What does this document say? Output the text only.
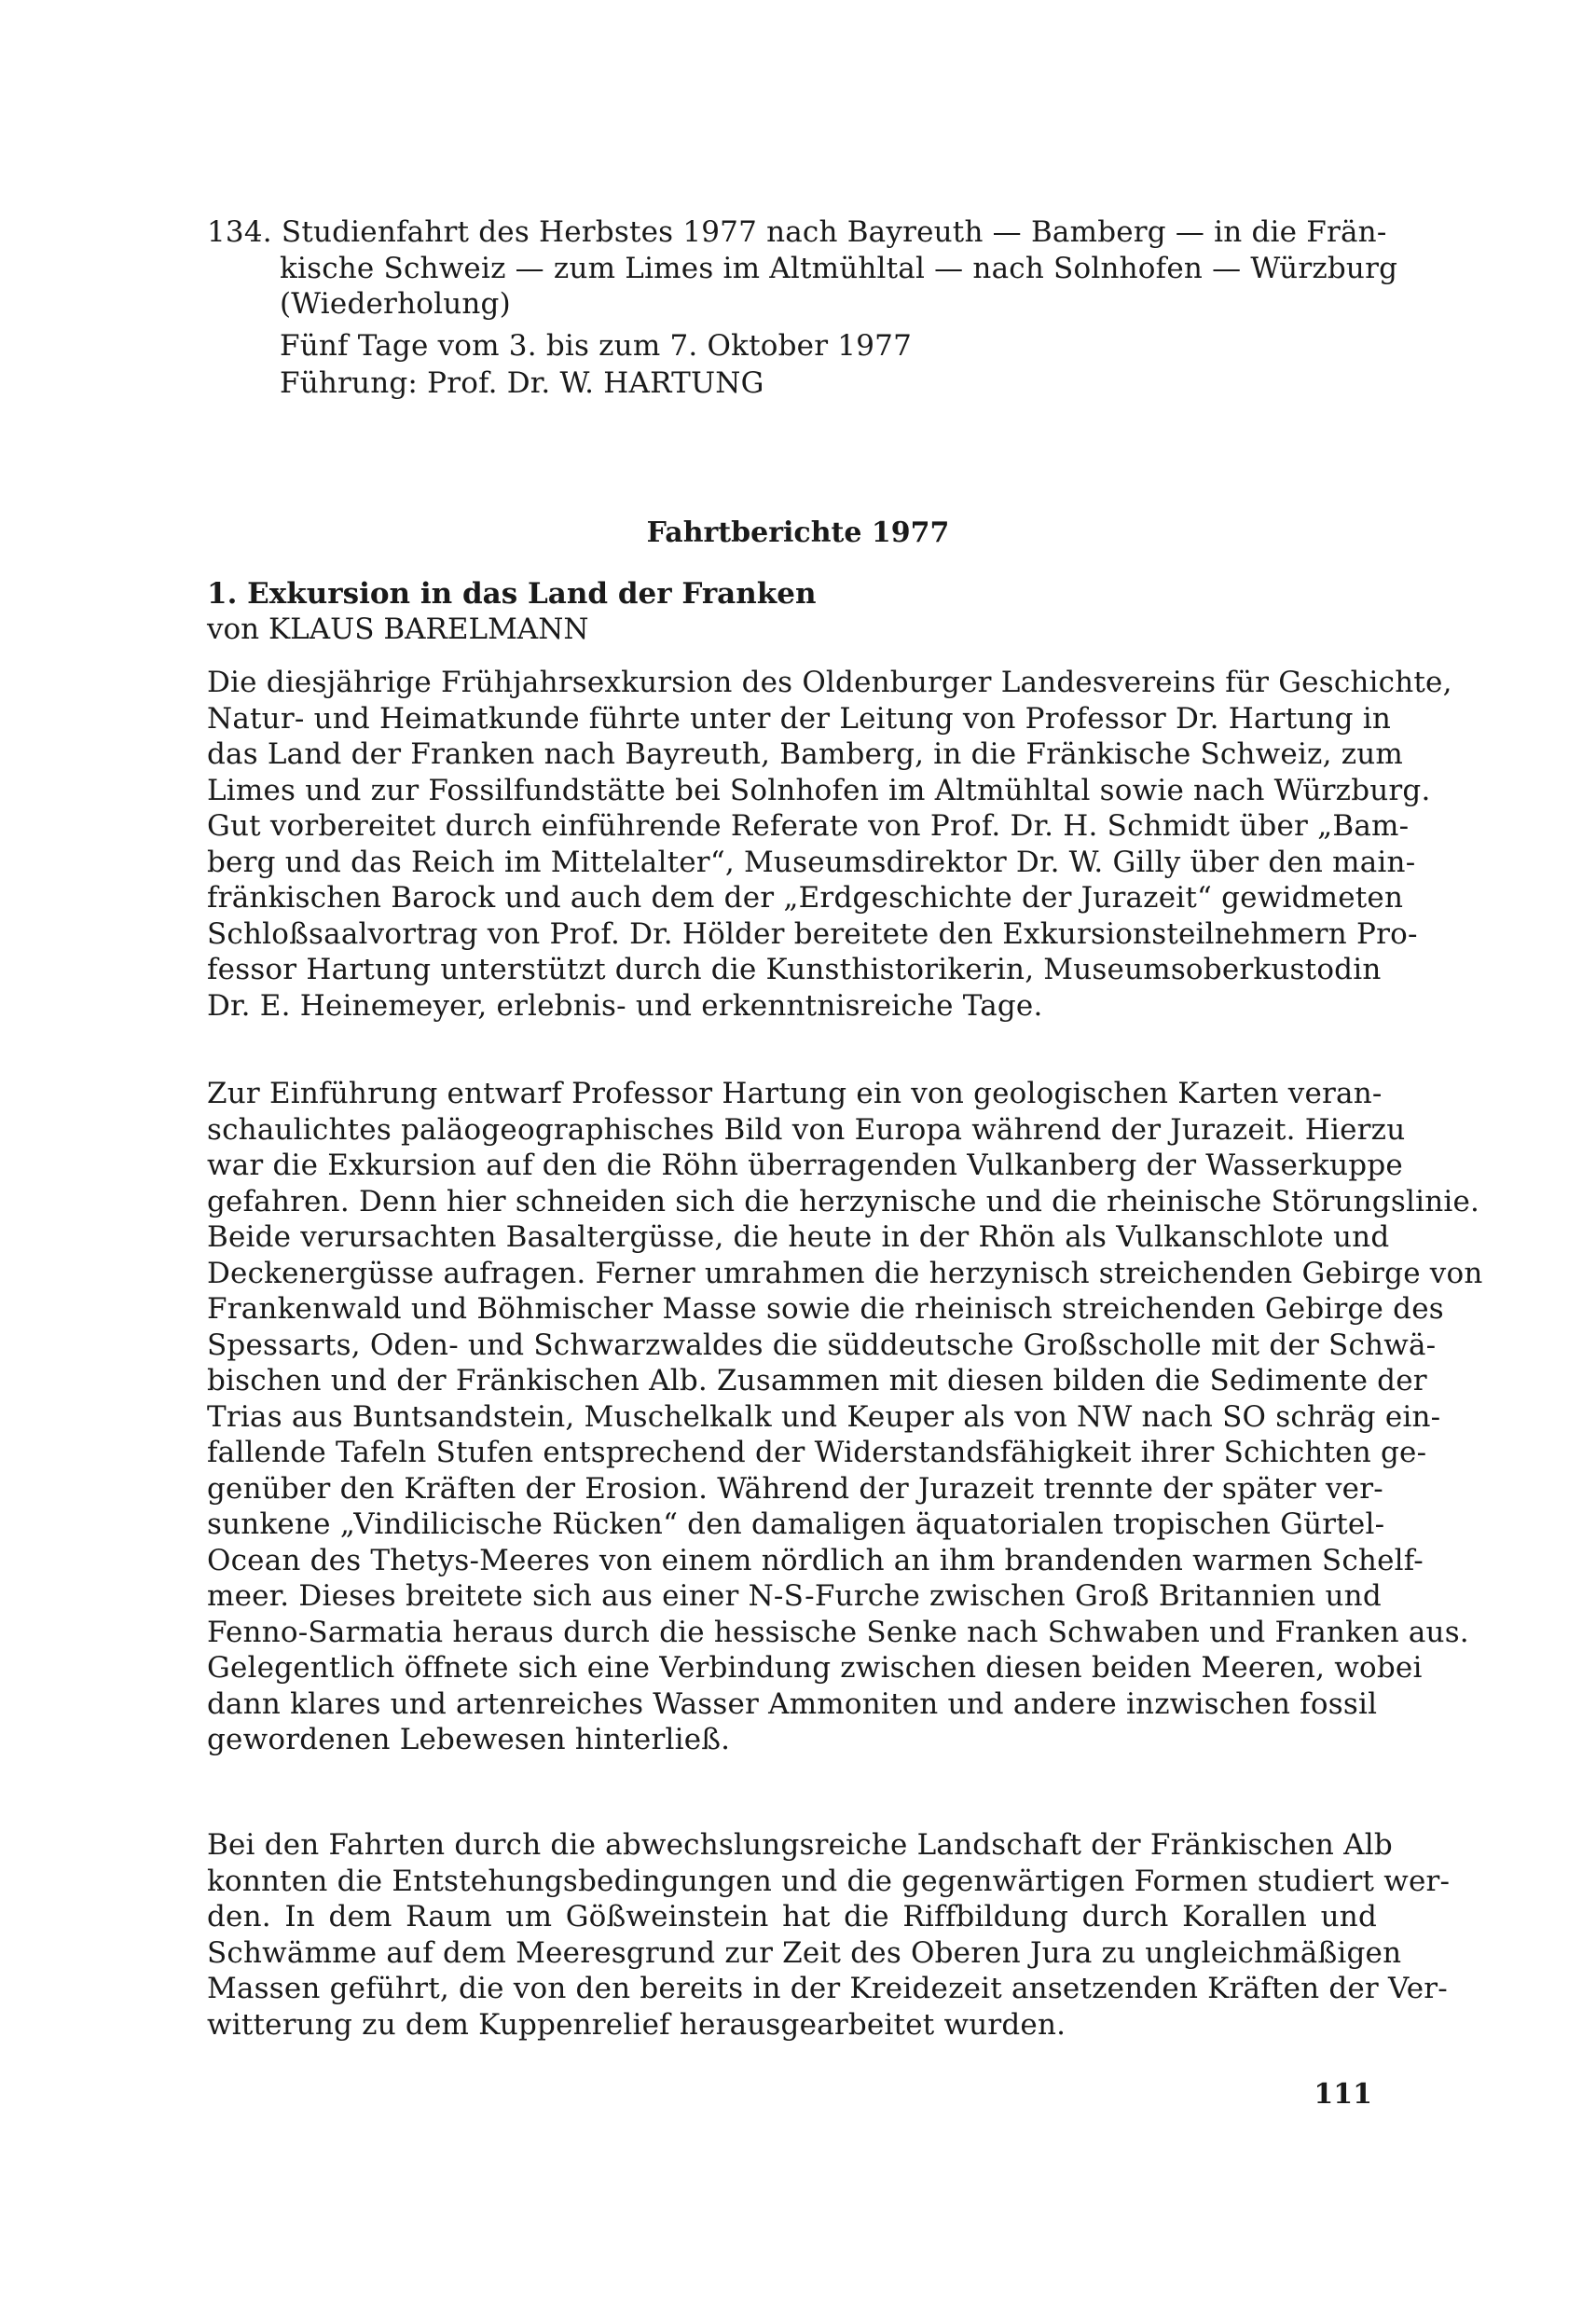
134. Studienfahrt des Herbstes 1977 nach Bayreuth — Bamberg — in die Frän-
kische Schweiz — zum Limes im Altmühltal — nach Solnhofen — Würzburg
(Wiederholung)
Fünf Tage vom 3. bis zum 7. Oktober 1977
Führung: Prof. Dr. W. HARTUNG
Fahrtberichte 1977
1. Exkursion in das Land der Franken
von KLAUS BARELMANN
Die diesjährige Frühjahrsexkursion des Oldenburger Landesvereins für Geschichte,
Natur- und Heimatkunde führte unter der Leitung von Professor Dr. Hartung in
das Land der Franken nach Bayreuth, Bamberg, in die Fränkische Schweiz, zum
Limes und zur Fossilfundstätte bei Solnhofen im Altmühltal sowie nach Würzburg.
Gut vorbereitet durch einführende Referate von Prof. Dr. H. Schmidt über „Bam-
berg und das Reich im Mittelalter“, Museumsdirektor Dr. W. Gilly über den main-
fränkischen Barock und auch dem der „Erdgeschichte der Jurazeit“ gewidmeten
Schloßsaalvortrag von Prof. Dr. Hölder bereitete den Exkursionsteilnehmern Pro-
fessor Hartung unterstützt durch die Kunsthistorikerin, Museumsoberkustodin
Dr. E. Heinemeyer, erlebnis- und erkenntnisreiche Tage.
Zur Einführung entwarf Professor Hartung ein von geologischen Karten veran-
schaulichtes paläogeographisches Bild von Europa während der Jurazeit. Hierzu
war die Exkursion auf den die Röhn überragenden Vulkanberg der Wasserkuppe
gefahren. Denn hier schneiden sich die herzynische und die rheinische Störungslinie.
Beide verursachten Basaltergüsse, die heute in der Rhön als Vulkanschlote und
Deckenergüsse aufragen. Ferner umrahmen die herzynisch streichenden Gebirge von
Frankenwald und Böhmischer Masse sowie die rheinisch streichenden Gebirge des
Spessarts, Oden- und Schwarzwaldes die süddeutsche Großscholle mit der Schwä-
bischen und der Fränkischen Alb. Zusammen mit diesen bilden die Sedimente der
Trias aus Buntsandstein, Muschelkalk und Keuper als von NW nach SO schräg ein-
fallende Tafeln Stufen entsprechend der Widerstandsfähigkeit ihrer Schichten ge-
genüber den Kräften der Erosion. Während der Jurazeit trennte der später ver-
sunkene „Vindilicische Rücken“ den damaligen äquatorialen tropischen Gürtel-
Ocean des Thetys-Meeres von einem nördlich an ihm brandenden warmen Schelf-
meer. Dieses breitete sich aus einer N-S-Furche zwischen Groß Britannien und
Fenno-Sarmatia heraus durch die hessische Senke nach Schwaben und Franken aus.
Gelegentlich öffnete sich eine Verbindung zwischen diesen beiden Meeren, wobei
dann klares und artenreiches Wasser Ammoniten und andere inzwischen fossil
gewordenen Lebewesen hinterließ.
Bei den Fahrten durch die abwechslungsreiche Landschaft der Fränkischen Alb
konnten die Entstehungsbedingungen und die gegenwärtigen Formen studiert wer-
den. In dem Raum um Gößweinstein hat die Riffbildung durch Korallen und
Schwämme auf dem Meeresgrund zur Zeit des Oberen Jura zu ungleichmäßigen
Massen geführt, die von den bereits in der Kreidezeit ansetzenden Kräften der Ver-
witterung zu dem Kuppenrelief herausgearbeitet wurden.
111
